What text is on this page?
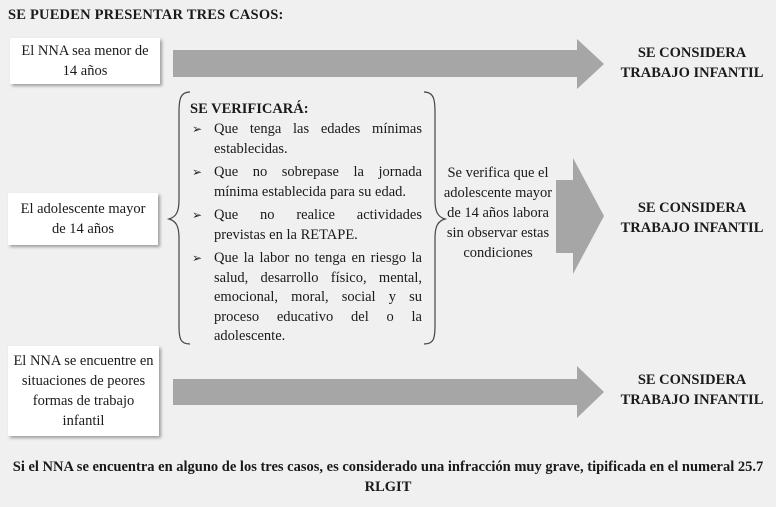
SE PUEDEN PRESENTAR TRES CASOS:
El NNA sea menor de 14 años
El adolescente mayor de 14 años
El NNA se encuentre en situaciones de peores formas de trabajo infantil
SE CONSIDERA TRABAJO INFANTIL
SE CONSIDERA TRABAJO INFANTIL
SE CONSIDERA TRABAJO INFANTIL
SE VERIFICARÁ:
➢ Que tenga las edades mínimas establecidas.
➢ Que no sobrepase la jornada mínima establecida para su edad.
➢ Que no realice actividades previstas en la RETAPE.
➢ Que la labor no tenga en riesgo la salud, desarrollo físico, mental, emocional, moral, social y su proceso educativo del o la adolescente.
Se verifica que el adolescente mayor de 14 años labora sin observar estas condiciones
Si el NNA se encuentra en alguno de los tres casos, es considerado una infracción muy grave, tipificada en el numeral 25.7 RLGIT
